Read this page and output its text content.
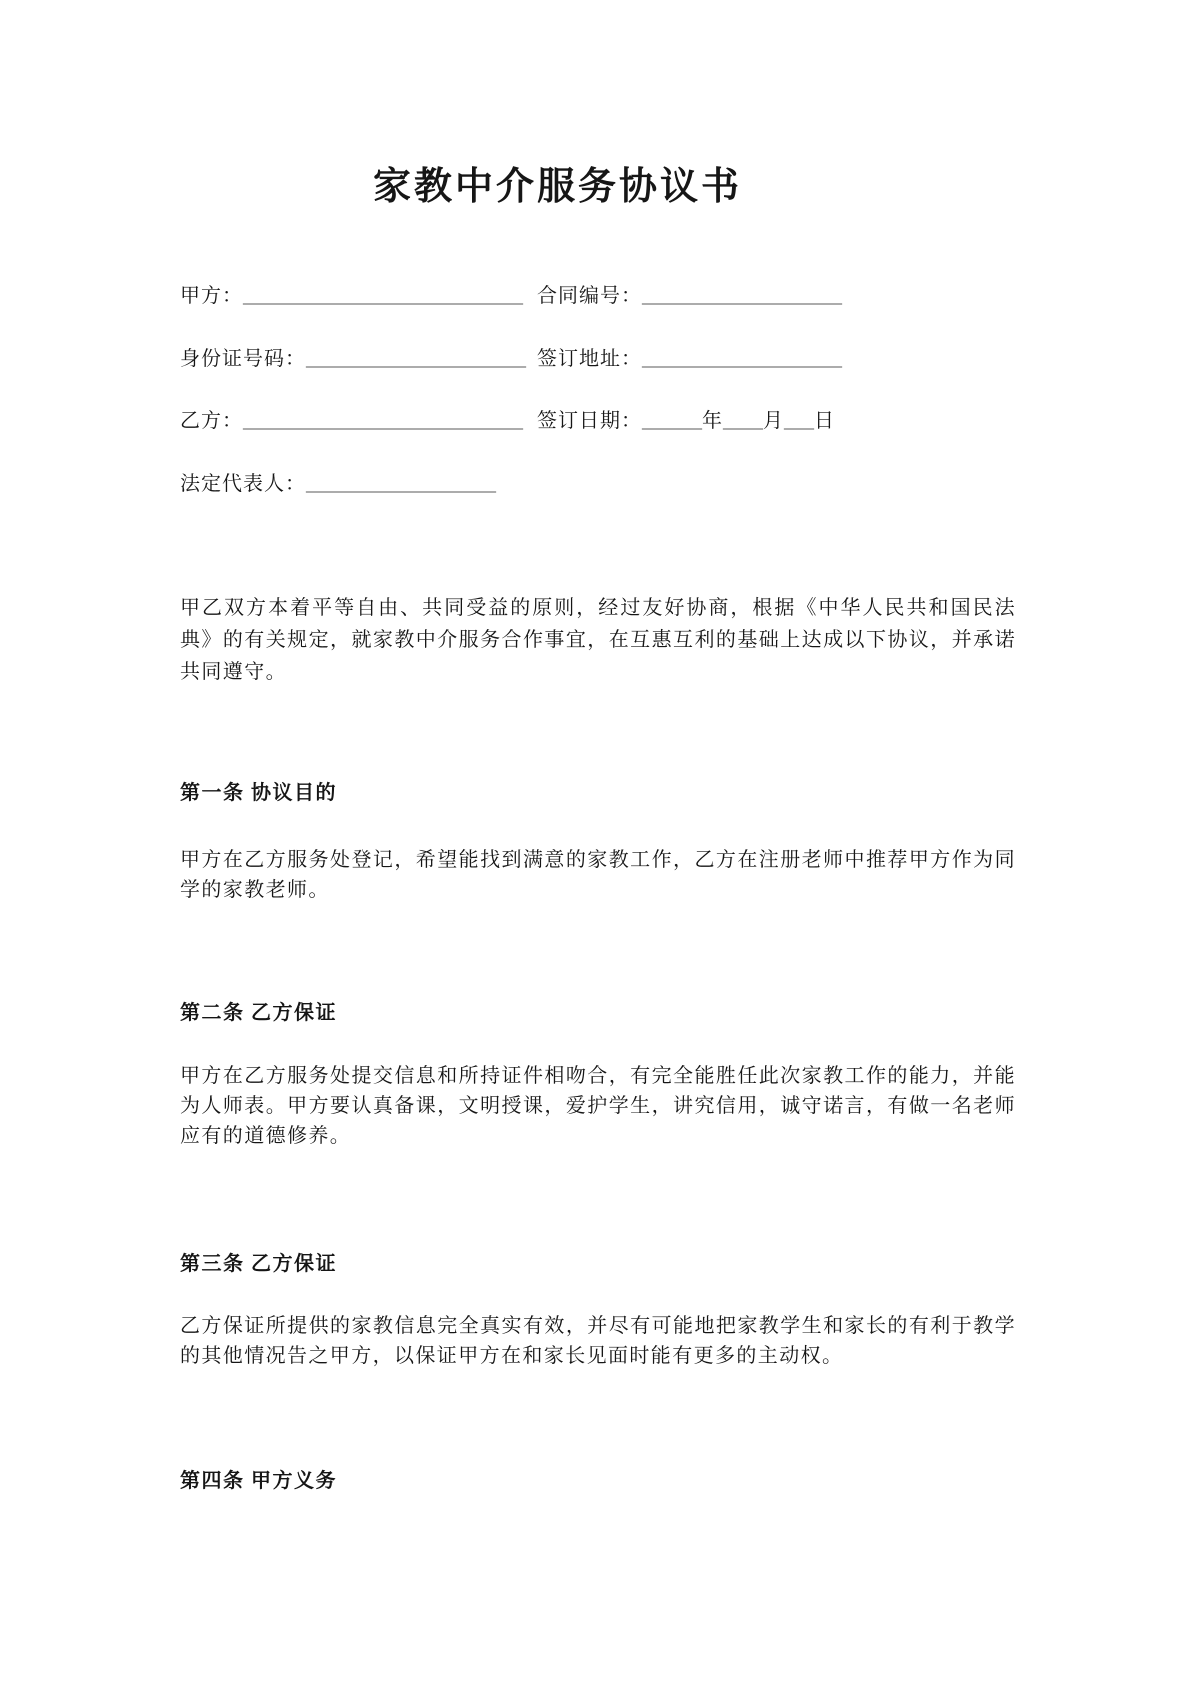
家教中介服务协议书
甲方：____________________________ 合同编号：____________________
身份证号码：______________________ 签订地址：____________________
乙方：____________________________ 签订日期：______年____月___日
法定代表人：___________________

甲乙双方本着平等自由、共同受益的原则，经过友好协商，根据《中华人民共和国民法典》的有关规定，就家教中介服务合作事宜，在互惠互利的基础上达成以下协议，并承诺共同遵守。

第一条 协议目的

甲方在乙方服务处登记，希望能找到满意的家教工作，乙方在注册老师中推荐甲方作为同学的家教老师。

第二条 乙方保证

甲方在乙方服务处提交信息和所持证件相吻合，有完全能胜任此次家教工作的能力，并能为人师表。甲方要认真备课，文明授课，爱护学生，讲究信用，诚守诺言，有做一名老师应有的道德修养。

第三条 乙方保证

乙方保证所提供的家教信息完全真实有效，并尽有可能地把家教学生和家长的有利于教学的其他情况告之甲方，以保证甲方在和家长见面时能有更多的主动权。

第四条 甲方义务
